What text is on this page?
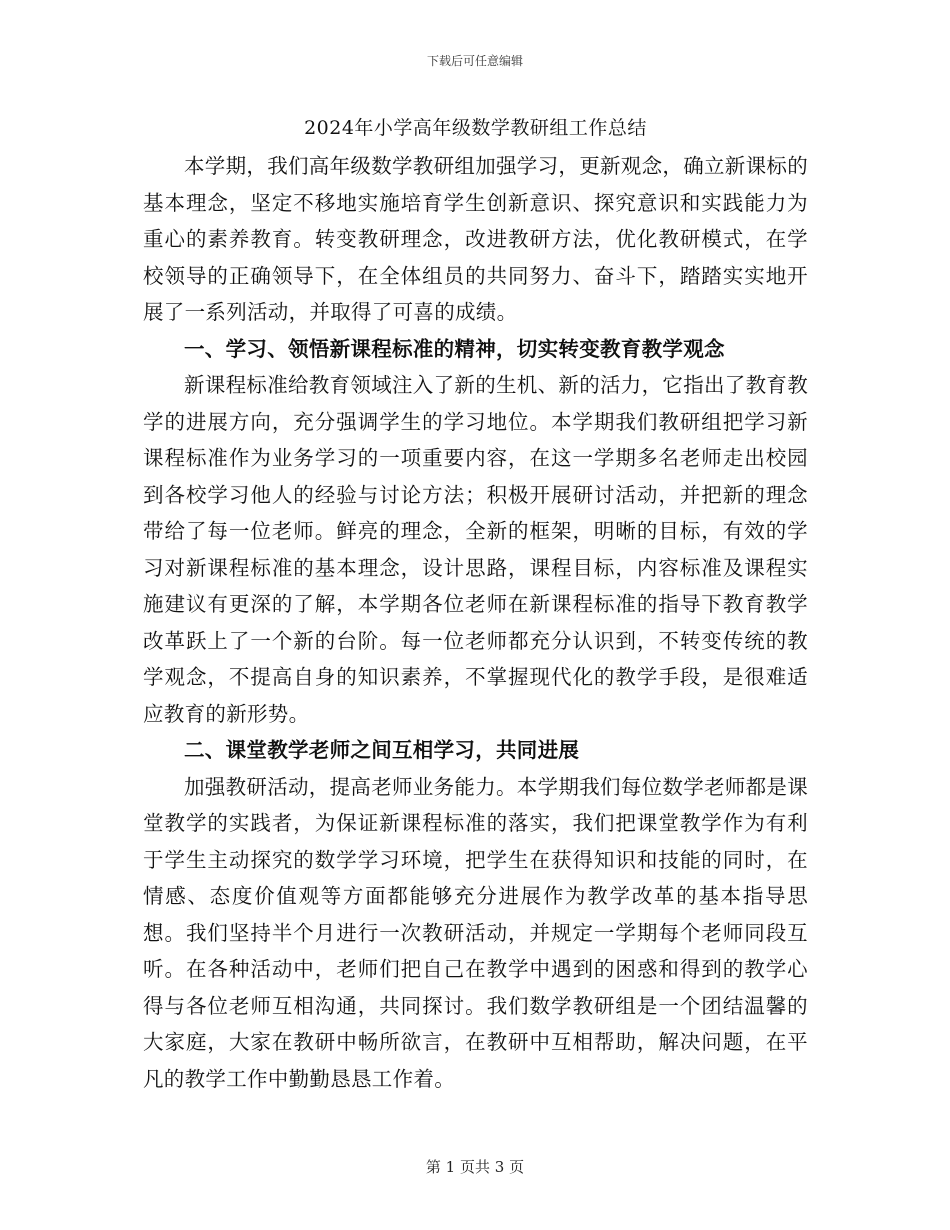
下载后可任意编辑
2024年小学高年级数学教研组工作总结

本学期，我们高年级数学教研组加强学习，更新观念，确立新课标的基本理念，坚定不移地实施培育学生创新意识、探究意识和实践能力为重心的素养教育。转变教研理念，改进教研方法，优化教研模式，在学校领导的正确领导下，在全体组员的共同努力、奋斗下，踏踏实实地开展了一系列活动，并取得了可喜的成绩。

一、学习、领悟新课程标准的精神，切实转变教育教学观念

新课程标准给教育领域注入了新的生机、新的活力，它指出了教育教学的进展方向，充分强调学生的学习地位。本学期我们教研组把学习新课程标准作为业务学习的一项重要内容，在这一学期多名老师走出校园到各校学习他人的经验与讨论方法；积极开展研讨活动，并把新的理念带给了每一位老师。鲜亮的理念，全新的框架，明晰的目标，有效的学习对新课程标准的基本理念，设计思路，课程目标，内容标准及课程实施建议有更深的了解，本学期各位老师在新课程标准的指导下教育教学改革跃上了一个新的台阶。每一位老师都充分认识到，不转变传统的教学观念，不提高自身的知识素养，不掌握现代化的教学手段，是很难适应教育的新形势。

二、课堂教学老师之间互相学习，共同进展

加强教研活动，提高老师业务能力。本学期我们每位数学老师都是课堂教学的实践者，为保证新课程标准的落实，我们把课堂教学作为有利于学生主动探究的数学学习环境，把学生在获得知识和技能的同时，在情感、态度价值观等方面都能够充分进展作为教学改革的基本指导思想。我们坚持半个月进行一次教研活动，并规定一学期每个老师同段互听。在各种活动中，老师们把自己在教学中遇到的困惑和得到的教学心得与各位老师互相沟通，共同探讨。我们数学教研组是一个团结温馨的大家庭，大家在教研中畅所欲言，在教研中互相帮助，解决问题，在平凡的教学工作中勤勤恳恳工作着。

第 1 页共 3 页
